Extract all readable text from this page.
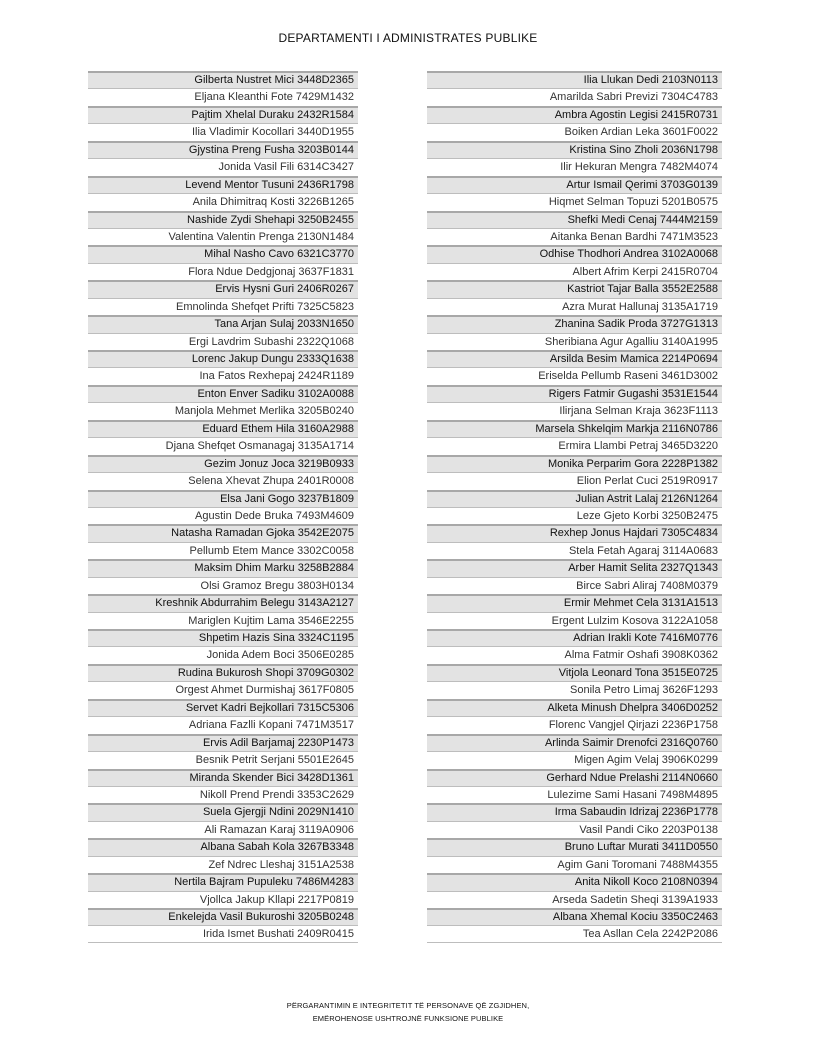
DEPARTAMENTI I ADMINISTRATES PUBLIKE
Gilberta Nustret Mici 3448D2365
Eljana Kleanthi Fote 7429M1432
Pajtim Xhelal Duraku 2432R1584
Ilia Vladimir Kocollari 3440D1955
Gjystina Preng Fusha 3203B0144
Jonida Vasil Fili 6314C3427
Levend Mentor Tusuni 2436R1798
Anila Dhimitraq Kosti 3226B1265
Nashide Zydi Shehapi 3250B2455
Valentina Valentin Prenga 2130N1484
Mihal Nasho Cavo 6321C3770
Flora Ndue Dedgjonaj 3637F1831
Ervis Hysni Guri 2406R0267
Emnolinda Shefqet Prifti 7325C5823
Tana Arjan Sulaj 2033N1650
Ergi Lavdrim Subashi 2322Q1068
Lorenc Jakup Dungu 2333Q1638
Ina Fatos Rexhepaj 2424R1189
Enton Enver Sadiku 3102A0088
Manjola Mehmet Merlika 3205B0240
Eduard Ethem Hila 3160A2988
Djana Shefqet Osmanagaj 3135A1714
Gezim Jonuz Joca 3219B0933
Selena Xhevat Zhupa 2401R0008
Elsa Jani Gogo 3237B1809
Agustin Dede Bruka 7493M4609
Natasha Ramadan Gjoka 3542E2075
Pellumb Etem Mance 3302C0058
Maksim Dhim Marku 3258B2884
Olsi Gramoz Bregu 3803H0134
Kreshnik Abdurrahim Belegu 3143A2127
Mariglen Kujtim Lama 3546E2255
Shpetim Hazis Sina 3324C1195
Jonida Adem Boci 3506E0285
Rudina Bukurosh Shopi 3709G0302
Orgest Ahmet Durmishaj 3617F0805
Servet Kadri Bejkollari 7315C5306
Adriana Fazlli Kopani 7471M3517
Ervis Adil Barjamaj 2230P1473
Besnik Petrit Serjani 5501E2645
Miranda Skender Bici 3428D1361
Nikoll Prend Prendi 3353C2629
Suela Gjergji Ndini 2029N1410
Ali Ramazan Karaj 3119A0906
Albana Sabah Kola 3267B3348
Zef Ndrec Lleshaj 3151A2538
Nertila Bajram Pupuleku 7486M4283
Vjollca Jakup Kllapi 2217P0819
Enkelejda Vasil Bukuroshi 3205B0248
Irida Ismet Bushati 2409R0415
Ilia Llukan Dedi 2103N0113
Amarilda Sabri Previzi 7304C4783
Ambra Agostin Legisi 2415R0731
Boiken Ardian Leka 3601F0022
Kristina Sino Zholi 2036N1798
Ilir Hekuran Mengra 7482M4074
Artur Ismail Qerimi 3703G0139
Hiqmet Selman Topuzi 5201B0575
Shefki Medi Cenaj 7444M2159
Aitanka Benan Bardhi 7471M3523
Odhise Thodhori Andrea 3102A0068
Albert Afrim Kerpi 2415R0704
Kastriot Tajar Balla 3552E2588
Azra Murat Hallunaj 3135A1719
Zhanina Sadik Proda 3727G1313
Sheribiana Agur Agalliu 3140A1995
Arsilda Besim Mamica 2214P0694
Eriselda Pellumb Raseni 3461D3002
Rigers Fatmir Gugashi 3531E1544
Ilirjana Selman Kraja 3623F1113
Marsela Shkelqim Markja 2116N0786
Ermira Llambi Petraj 3465D3220
Monika Perparim Gora 2228P1382
Elion Perlat Cuci 2519R0917
Julian Astrit Lalaj 2126N1264
Leze Gjeto Korbi 3250B2475
Rexhep Jonus Hajdari 7305C4834
Stela Fetah Agaraj 3114A0683
Arber Hamit Selita 2327Q1343
Birce Sabri Aliraj 7408M0379
Ermir Mehmet Cela 3131A1513
Ergent Lulzim Kosova 3122A1058
Adrian Irakli Kote 7416M0776
Alma Fatmir Oshafi 3908K0362
Vitjola Leonard Tona 3515E0725
Sonila Petro Limaj 3626F1293
Alketa Minush Dhelpra 3406D0252
Florenc Vangjel Qirjazi 2236P1758
Arlinda Saimir Drenofci 2316Q0760
Migen Agim Velaj 3906K0299
Gerhard Ndue Prelashi 2114N0660
Lulezime Sami Hasani 7498M4895
Irma Sabaudin Idrizaj 2236P1778
Vasil Pandi Ciko 2203P0138
Bruno Luftar Murati 3411D0550
Agim Gani Toromani 7488M4355
Anita Nikoll Koco 2108N0394
Arseda Sadetin Sheqi 3139A1933
Albana Xhemal Kociu 3350C2463
Tea Asllan Cela 2242P2086
PËRGARANTIMIN E INTEGRITETIT TË PERSONAVE QË ZGJIDHEN,
EMËROHENOSE USHTROJNË FUNKSIONE PUBLIKE
